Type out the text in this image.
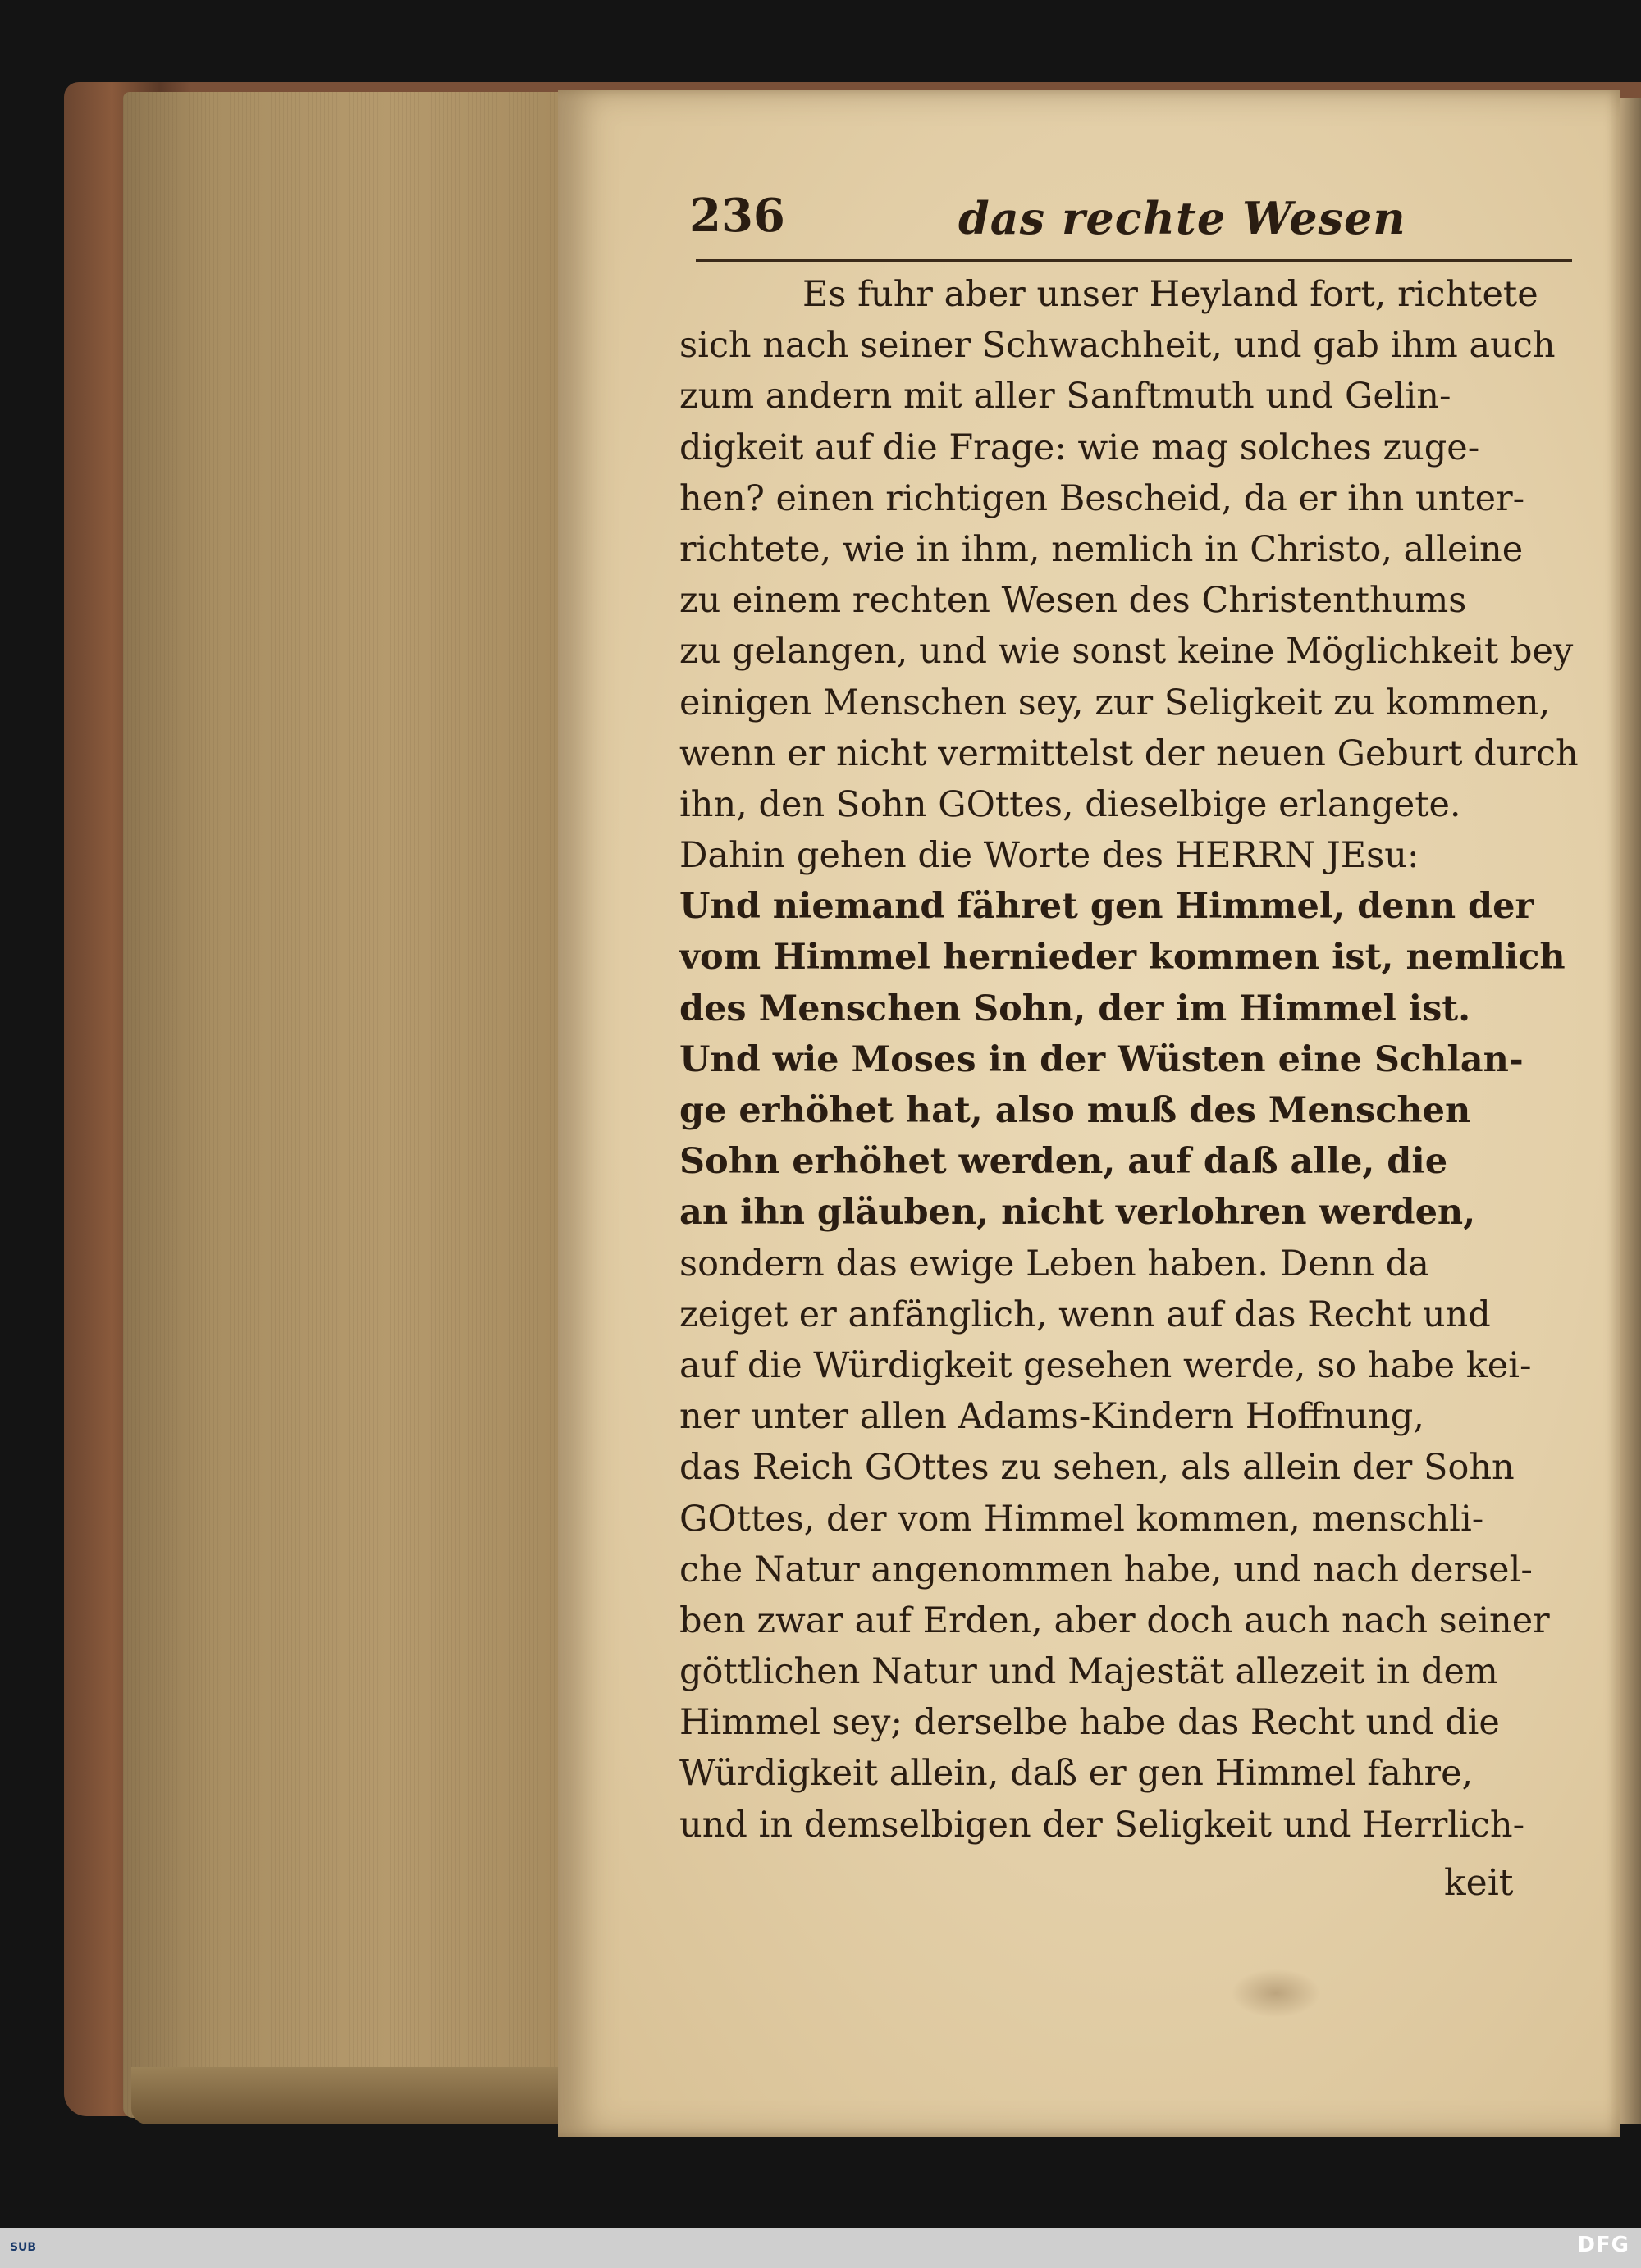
236	das rechte Wesen
Es fuhr aber unser Heyland fort, richtete
sich nach seiner Schwachheit, und gab ihm auch
zum andern mit aller Sanftmuth und Gelin-
digkeit auf die Frage: wie mag solches zuge-
hen? einen richtigen Bescheid, da er ihn unter-
richtete, wie in ihm, nemlich in Christo, alleine
zu einem rechten Wesen des Christenthums
zu gelangen, und wie sonst keine Möglichkeit bey
einigen Menschen sey, zur Seligkeit zu kommen,
wenn er nicht vermittelst der neuen Geburt durch
ihn, den Sohn GOttes, dieselbige erlangete.
Dahin gehen die Worte des HERRN JEsu:
Und niemand fähret gen Himmel, denn der
vom Himmel hernieder kommen ist, nemlich
des Menschen Sohn, der im Himmel ist.
Und wie Moses in der Wüsten eine Schlan-
ge erhöhet hat, also muß des Menschen
Sohn erhöhet werden, auf daß alle, die
an ihn gläuben, nicht verlohren werden,
sondern das ewige Leben haben. Denn da
zeiget er anfänglich, wenn auf das Recht und
auf die Würdigkeit gesehen werde, so habe kei-
ner unter allen Adams-Kindern Hoffnung,
das Reich GOttes zu sehen, als allein der Sohn
GOttes, der vom Himmel kommen, menschli-
che Natur angenommen habe, und nach dersel-
ben zwar auf Erden, aber doch auch nach seiner
göttlichen Natur und Majestät allezeit in dem
Himmel sey; derselbe habe das Recht und die
Würdigkeit allein, daß er gen Himmel fahre,
und in demselbigen der Seligkeit und Herrlich-
keit
SUB	DFG
